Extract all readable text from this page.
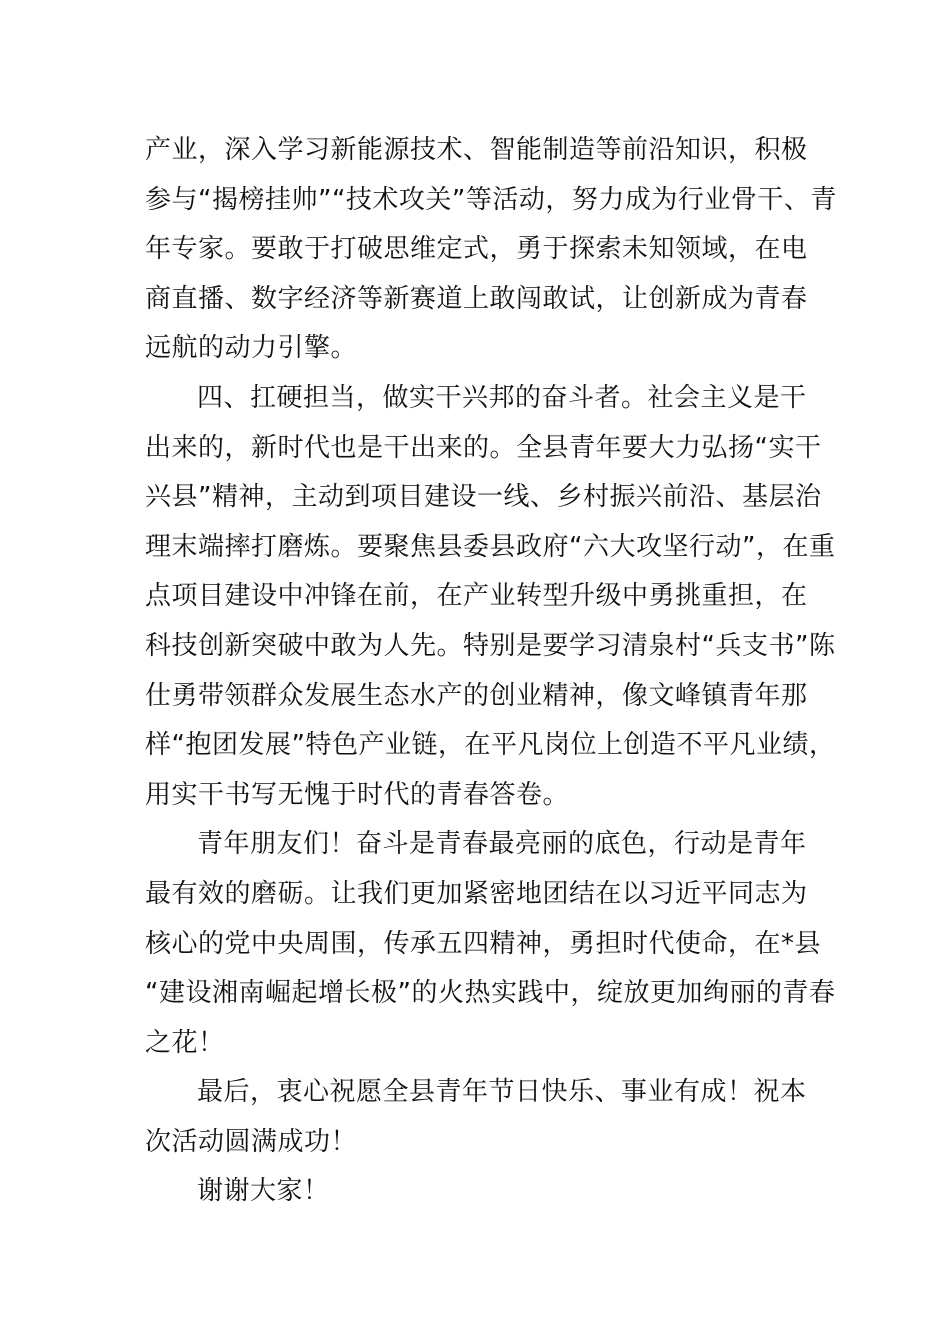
产业，深入学习新能源技术、智能制造等前沿知识，积极
参与“揭榜挂帅”“技术攻关”等活动，努力成为行业骨干、青
年专家。要敢于打破思维定式，勇于探索未知领域，在电
商直播、数字经济等新赛道上敢闯敢试，让创新成为青春
远航的动力引擎。
四、扛硬担当，做实干兴邦的奋斗者。社会主义是干
出来的，新时代也是干出来的。全县青年要大力弘扬“实干
兴县”精神，主动到项目建设一线、乡村振兴前沿、基层治
理末端摔打磨炼。要聚焦县委县政府“六大攻坚行动”，在重
点项目建设中冲锋在前，在产业转型升级中勇挑重担，在
科技创新突破中敢为人先。特别是要学习清泉村“兵支书”陈
仕勇带领群众发展生态水产的创业精神，像文峰镇青年那
样“抱团发展”特色产业链，在平凡岗位上创造不平凡业绩，
用实干书写无愧于时代的青春答卷。
青年朋友们！奋斗是青春最亮丽的底色，行动是青年
最有效的磨砺。让我们更加紧密地团结在以习近平同志为
核心的党中央周围，传承五四精神，勇担时代使命，在*县
“建设湘南崛起增长极”的火热实践中，绽放更加绚丽的青春
之花！
最后，衷心祝愿全县青年节日快乐、事业有成！祝本
次活动圆满成功！
谢谢大家！
